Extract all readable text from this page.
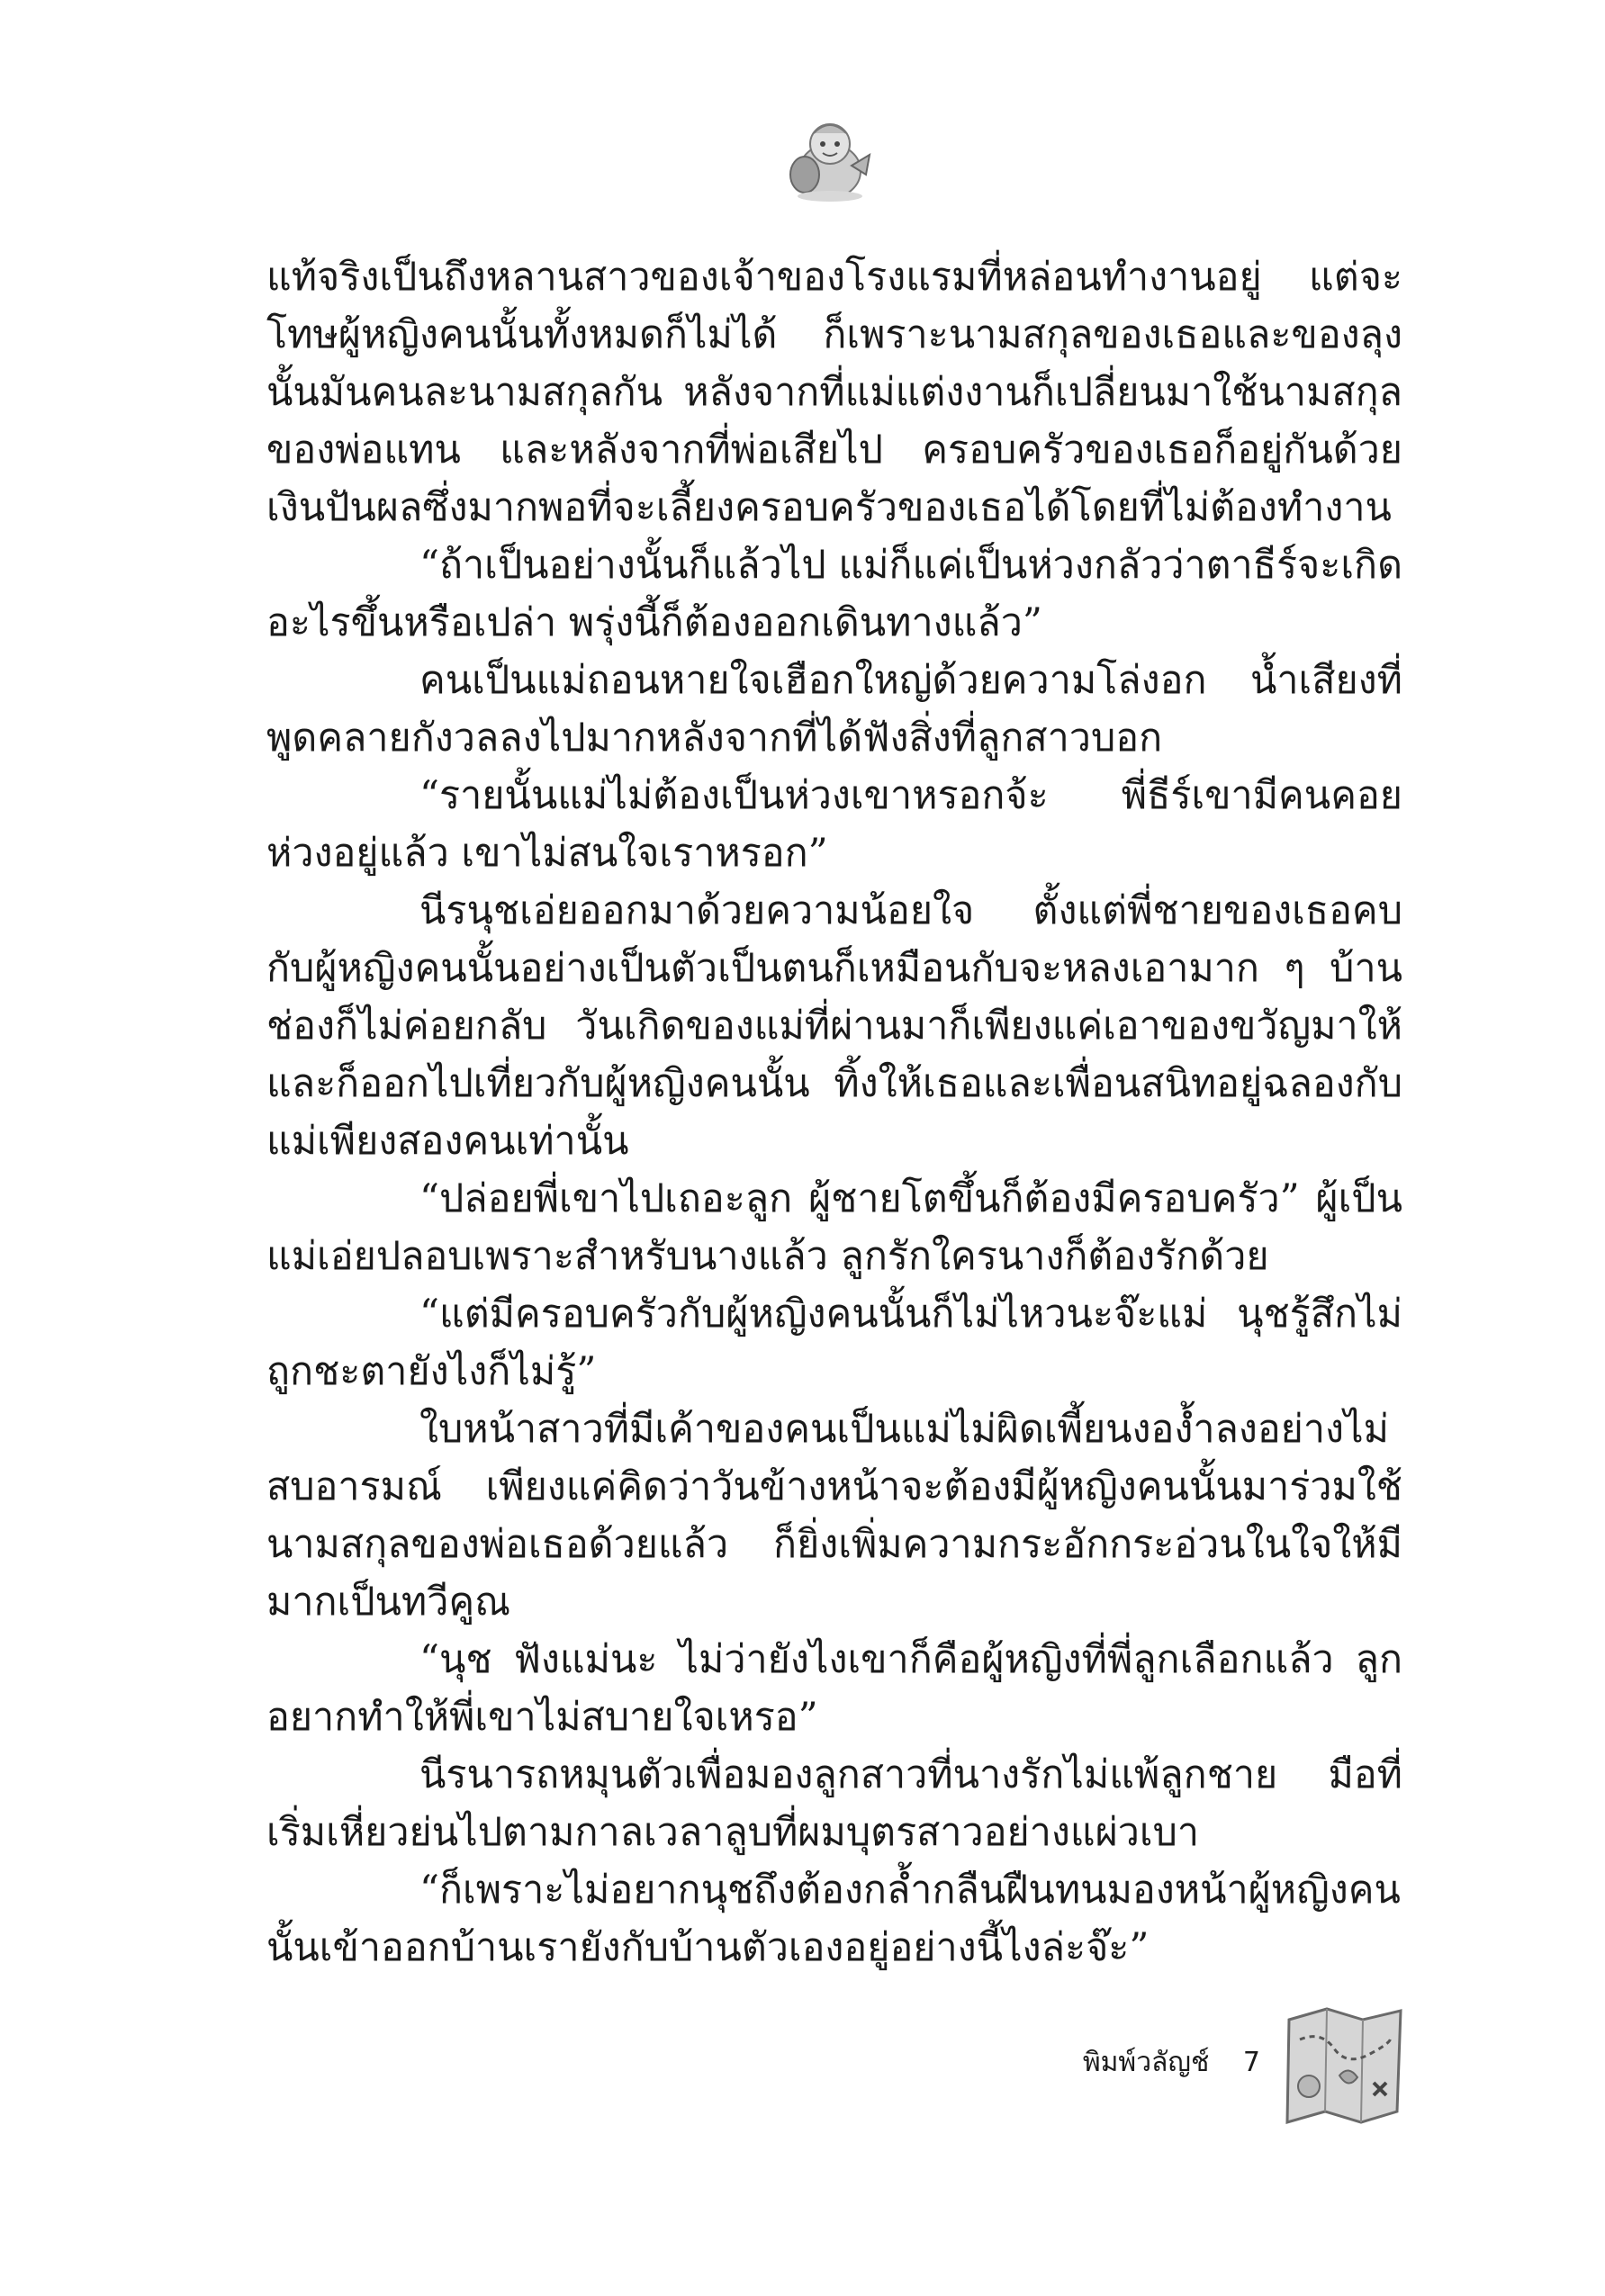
แท้จริงเป็นถึงหลานสาวของเจ้าของโรงแรมที่หล่อนทำงานอยู่ แต่จะโทษผู้หญิงคนนั้นทั้งหมดก็ไม่ได้ ก็เพราะนามสกุลของเธอและของลุงนั้นมันคนละนามสกุลกัน หลังจากที่แม่แต่งงานก็เปลี่ยนมาใช้นามสกุลของพ่อแทน และหลังจากที่พ่อเสียไป ครอบครัวของเธอก็อยู่กันด้วยเงินปันผลซึ่งมากพอที่จะเลี้ยงครอบครัวของเธอได้โดยที่ไม่ต้องทำงาน

“ถ้าเป็นอย่างนั้นก็แล้วไป แม่ก็แค่เป็นห่วงกลัวว่าตาธีร์จะเกิดอะไรขึ้นหรือเปล่า พรุ่งนี้ก็ต้องออกเดินทางแล้ว”

คนเป็นแม่ถอนหายใจเฮือกใหญ่ด้วยความโล่งอก น้ำเสียงที่พูดคลายกังวลลงไปมากหลังจากที่ได้ฟังสิ่งที่ลูกสาวบอก

“รายนั้นแม่ไม่ต้องเป็นห่วงเขาหรอกจ้ะ พี่ธีร์เขามีคนคอยห่วงอยู่แล้ว เขาไม่สนใจเราหรอก”

นีรนุชเอ่ยออกมาด้วยความน้อยใจ ตั้งแต่พี่ชายของเธอคบกับผู้หญิงคนนั้นอย่างเป็นตัวเป็นตนก็เหมือนกับจะหลงเอามาก ๆ บ้านช่องก็ไม่ค่อยกลับ วันเกิดของแม่ที่ผ่านมาก็เพียงแค่เอาของขวัญมาให้และก็ออกไปเที่ยวกับผู้หญิงคนนั้น ทิ้งให้เธอและเพื่อนสนิทอยู่ฉลองกับแม่เพียงสองคนเท่านั้น

“ปล่อยพี่เขาไปเถอะลูก ผู้ชายโตขึ้นก็ต้องมีครอบครัว” ผู้เป็นแม่เอ่ยปลอบเพราะสำหรับนางแล้ว ลูกรักใครนางก็ต้องรักด้วย

“แต่มีครอบครัวกับผู้หญิงคนนั้นก็ไม่ไหวนะจ๊ะแม่ นุชรู้สึกไม่ถูกชะตายังไงก็ไม่รู้”

ใบหน้าสาวที่มีเค้าของคนเป็นแม่ไม่ผิดเพี้ยนงอง้ำลงอย่างไม่สบอารมณ์ เพียงแค่คิดว่าวันข้างหน้าจะต้องมีผู้หญิงคนนั้นมาร่วมใช้นามสกุลของพ่อเธอด้วยแล้ว ก็ยิ่งเพิ่มความกระอักกระอ่วนในใจให้มีมากเป็นทวีคูณ

“นุช ฟังแม่นะ ไม่ว่ายังไงเขาก็คือผู้หญิงที่พี่ลูกเลือกแล้ว ลูกอยากทำให้พี่เขาไม่สบายใจเหรอ”

นีรนารถหมุนตัวเพื่อมองลูกสาวที่นางรักไม่แพ้ลูกชาย มือที่เริ่มเหี่ยวย่นไปตามกาลเวลาลูบที่ผมบุตรสาวอย่างแผ่วเบา

“ก็เพราะไม่อยากนุชถึงต้องกล้ำกลืนฝืนทนมองหน้าผู้หญิงคนนั้นเข้าออกบ้านเรายังกับบ้านตัวเองอยู่อย่างนี้ไงล่ะจ๊ะ”

พิมพ์วลัญช์ 7
